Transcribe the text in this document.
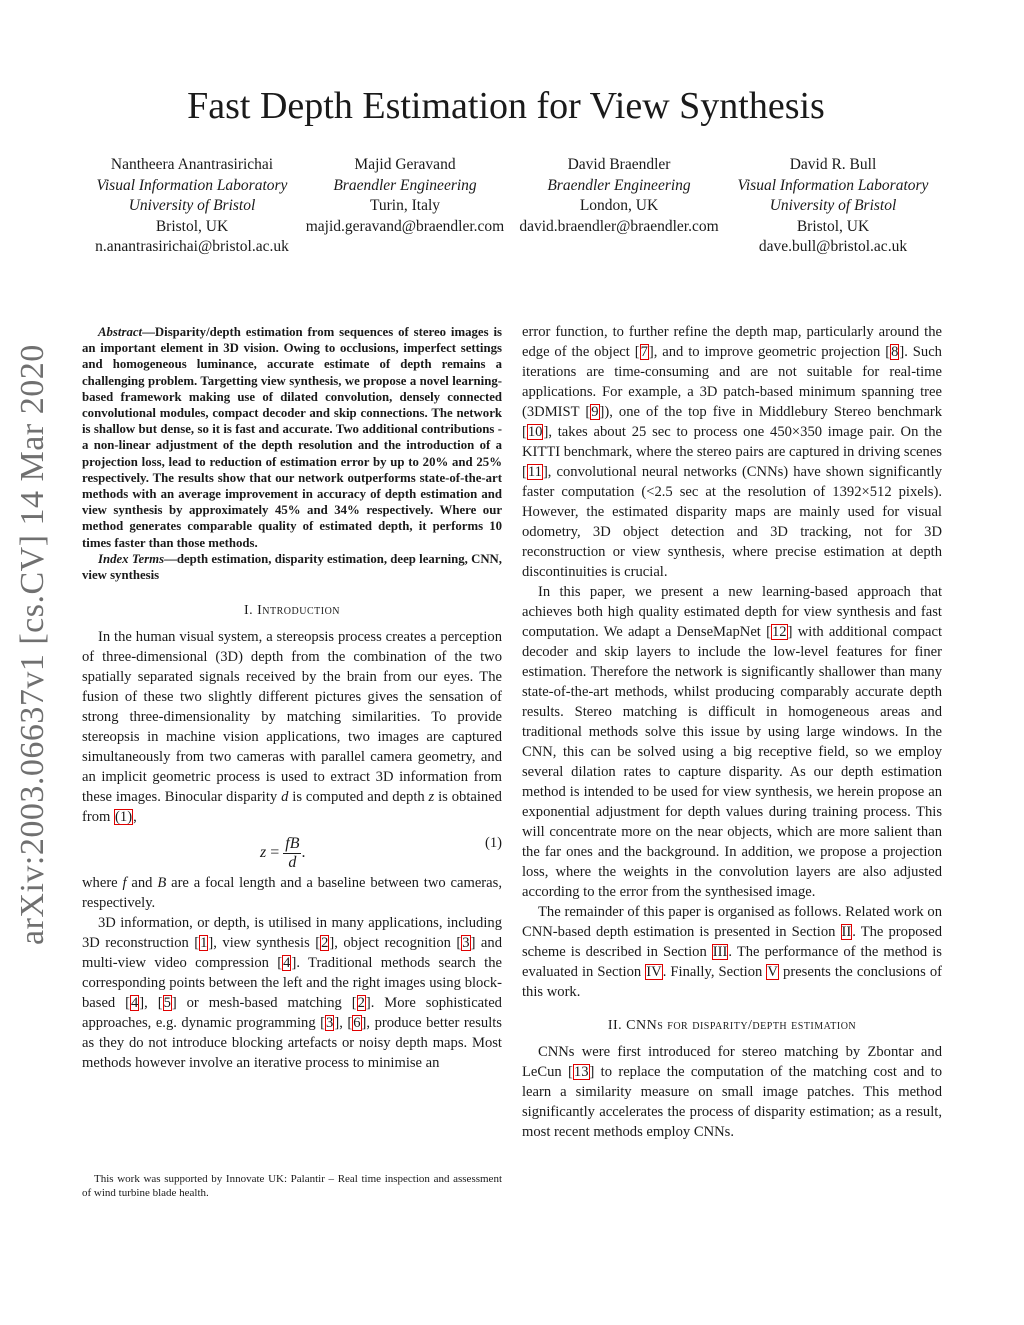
arXiv:2003.06637v1 [cs.CV] 14 Mar 2020
Fast Depth Estimation for View Synthesis
Nantheera Anantrasirichai
Visual Information Laboratory
University of Bristol
Bristol, UK
n.anantrasirichai@bristol.ac.uk
Majid Geravand
Braendler Engineering
Turin, Italy
majid.geravand@braendler.com
David Braendler
Braendler Engineering
London, UK
david.braendler@braendler.com
David R. Bull
Visual Information Laboratory
University of Bristol
Bristol, UK
dave.bull@bristol.ac.uk

Abstract—Disparity/depth estimation from sequences of stereo images is an important element in 3D vision. Owing to occlusions, imperfect settings and homogeneous luminance, accurate estimate of depth remains a challenging problem. Targetting view synthesis, we propose a novel learning-based framework making use of dilated convolution, densely connected convolutional modules, compact decoder and skip connections. The network is shallow but dense, so it is fast and accurate. Two additional contributions - a non-linear adjustment of the depth resolution and the introduction of a projection loss, lead to reduction of estimation error by up to 20% and 25% respectively. The results show that our network outperforms state-of-the-art methods with an average improvement in accuracy of depth estimation and view synthesis by approximately 45% and 34% respectively. Where our method generates comparable quality of estimated depth, it performs 10 times faster than those methods.

Index Terms—depth estimation, disparity estimation, deep learning, CNN, view synthesis

I. Introduction

In the human visual system, a stereopsis process creates a perception of three-dimensional (3D) depth from the combination of the two spatially separated signals received by the brain from our eyes. The fusion of these two slightly different pictures gives the sensation of strong three-dimensionality by matching similarities. To provide stereopsis in machine vision applications, two images are captured simultaneously from two cameras with parallel camera geometry, and an implicit geometric process is used to extract 3D information from these images. Binocular disparity d is computed and depth z is obtained from (1),

$z = \frac{fB}{d}$ .
(1)

where f and B are a focal length and a baseline between two cameras, respectively.

3D information, or depth, is utilised in many applications, including 3D reconstruction [1], view synthesis [2], object recognition [3] and multi-view video compression [4]. Traditional methods search the corresponding points between the left and the right images using block-based [4], [5] or mesh-based matching [2]. More sophisticated approaches, e.g. dynamic programming [3], [6], produce better results as they do not introduce blocking artefacts or noisy depth maps. Most methods however involve an iterative process to minimise an

This work was supported by Innovate UK: Palantir – Real time inspection and assessment of wind turbine blade health.

error function, to further refine the depth map, particularly around the edge of the object [7], and to improve geometric projection [8]. Such iterations are time-consuming and are not suitable for real-time applications. For example, a 3D patch-based minimum spanning tree (3DMIST [9]), one of the top five in Middlebury Stereo benchmark [10], takes about 25 sec to process one 450×350 image pair. On the KITTI benchmark, where the stereo pairs are captured in driving scenes [11], convolutional neural networks (CNNs) have shown significantly faster computation (<2.5 sec at the resolution of 1392×512 pixels). However, the estimated disparity maps are mainly used for visual odometry, 3D object detection and 3D tracking, not for 3D reconstruction or view synthesis, where precise estimation at depth discontinuities is crucial.

In this paper, we present a new learning-based approach that achieves both high quality estimated depth for view synthesis and fast computation. We adapt a DenseMapNet [12] with additional compact decoder and skip layers to include the low-level features for finer estimation. Therefore the network is significantly shallower than many state-of-the-art methods, whilst producing comparably accurate depth results. Stereo matching is difficult in homogeneous areas and traditional methods solve this issue by using large windows. In the CNN, this can be solved using a big receptive field, so we employ several dilation rates to capture disparity. As our depth estimation method is intended to be used for view synthesis, we herein propose an exponential adjustment for depth values during training process. This will concentrate more on the near objects, which are more salient than the far ones and the background. In addition, we propose a projection loss, where the weights in the convolution layers are also adjusted according to the error from the synthesised image.

The remainder of this paper is organised as follows. Related work on CNN-based depth estimation is presented in Section II. The proposed scheme is described in Section III. The performance of the method is evaluated in Section IV. Finally, Section V presents the conclusions of this work.

II. CNNs for disparity/depth estimation

CNNs were first introduced for stereo matching by Zbontar and LeCun [13] to replace the computation of the matching cost and to learn a similarity measure on small image patches. This method significantly accelerates the process of disparity estimation; as a result, most recent methods employ CNNs.
